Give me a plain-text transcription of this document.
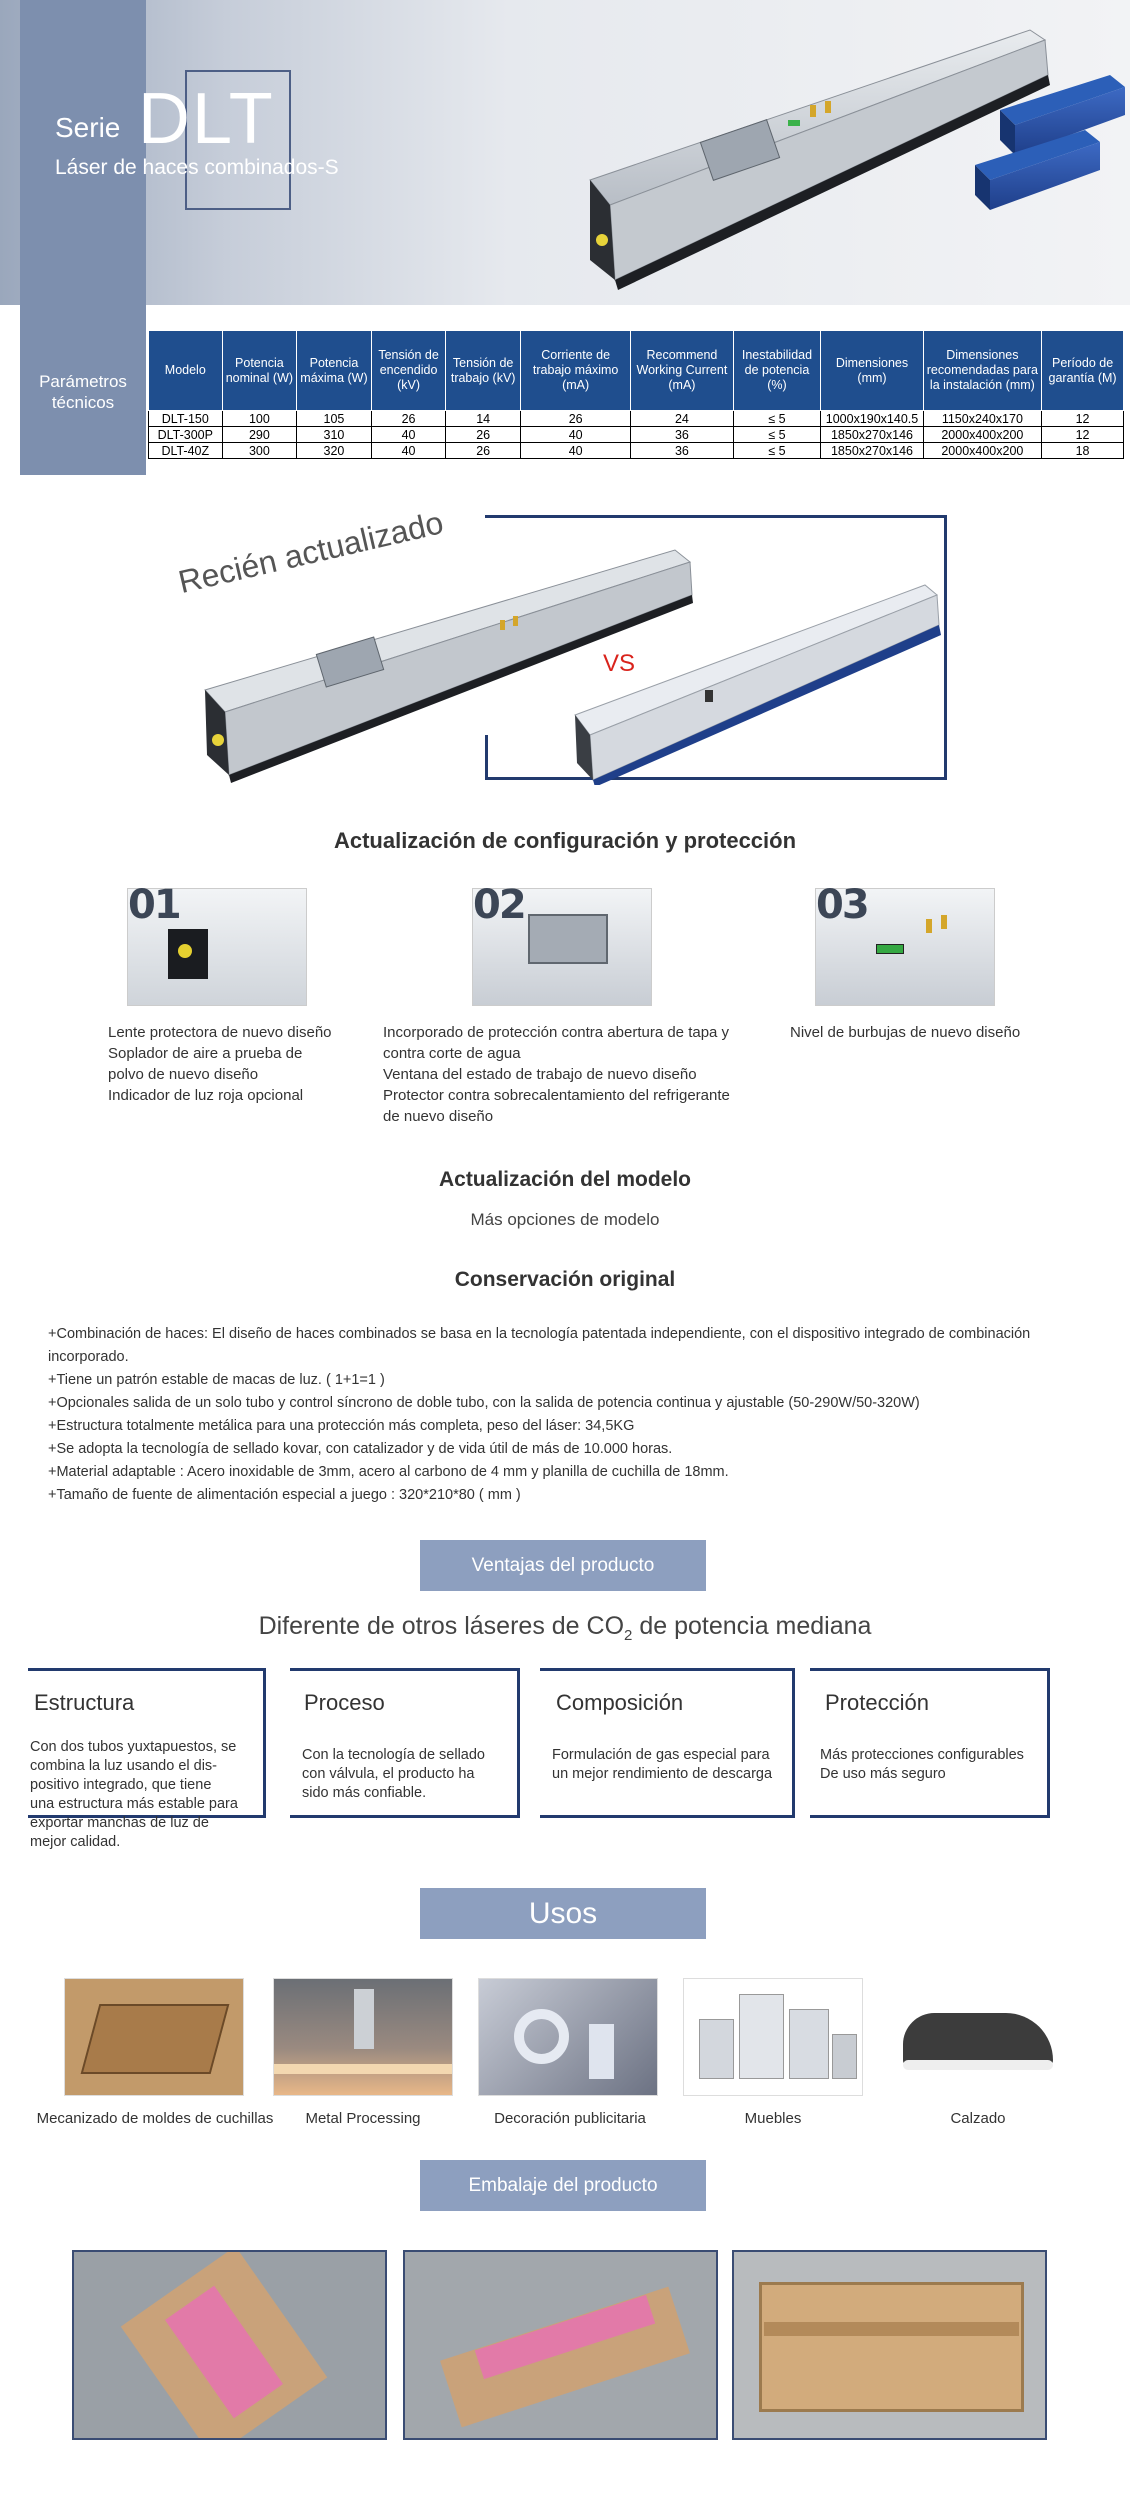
Serie DLT
Láser de haces combinados-S
Parámetros
técnicos
Modelo	Potencia nominal (W)	Potencia máxima (W)	Tensión de encendido (kV)	Tensión de trabajo (kV)	Corriente de trabajo máximo (mA)	Recommend Working Current (mA)	Inestabilidad de potencia (%)	Dimensiones (mm)	Dimensiones recomendadas para la instalación (mm)	Período de garantía (M)
DLT-150	100	105	26	14	26	24	≤ 5	1000x190x140.5	1150x240x170	12
DLT-300P	290	310	40	26	40	36	≤ 5	1850x270x146	2000x400x200	12
DLT-40Z	300	320	40	26	40	36	≤ 5	1850x270x146	2000x400x200	18
Recién actualizado
VS
Actualización de configuración y protección
01
Lente protectora de nuevo diseño
Soplador de aire a prueba de
polvo de nuevo diseño
Indicador de luz roja opcional
02
Incorporado de protección contra abertura de tapa y
contra corte de agua
Ventana del estado de trabajo de nuevo diseño
Protector contra sobrecalentamiento del refrigerante
de nuevo diseño
03
Nivel de burbujas de nuevo diseño
Actualización del modelo
Más opciones de modelo
Conservación original
+Combinación de haces: El diseño de haces combinados se basa en la tecnología patentada independiente, con el dispositivo integrado de combinación
incorporado.
+Tiene un patrón estable de macas de luz. ( 1+1=1 )
+Opcionales salida de un solo tubo y control síncrono de doble tubo, con la salida de potencia continua y ajustable (50-290W/50-320W)
+Estructura totalmente metálica para una protección más completa, peso del láser: 34,5KG
+Se adopta la tecnología de sellado kovar, con catalizador y de vida útil de más de 10.000 horas.
+Material adaptable : Acero inoxidable de 3mm, acero al carbono de 4 mm y planilla de cuchilla de 18mm.
+Tamaño de fuente de alimentación especial a juego : 320*210*80 ( mm )
Ventajas del producto
Diferente de otros láseres de $CO_2$ de potencia mediana
Estructura
Con dos tubos yuxtapuestos, se
combina la luz usando el dis-
positivo integrado, que tiene
una estructura más estable para
exportar manchas de luz de
mejor calidad.
Proceso
Con la tecnología de sellado
con válvula, el producto ha
sido más confiable.
Composición
Formulación de gas especial para
un mejor rendimiento de descarga
Protección
Más protecciones configurables
De uso más seguro
Usos
Mecanizado de moldes de cuchillas	Metal Processing	Decoración publicitaria	Muebles	Calzado
Embalaje del producto
